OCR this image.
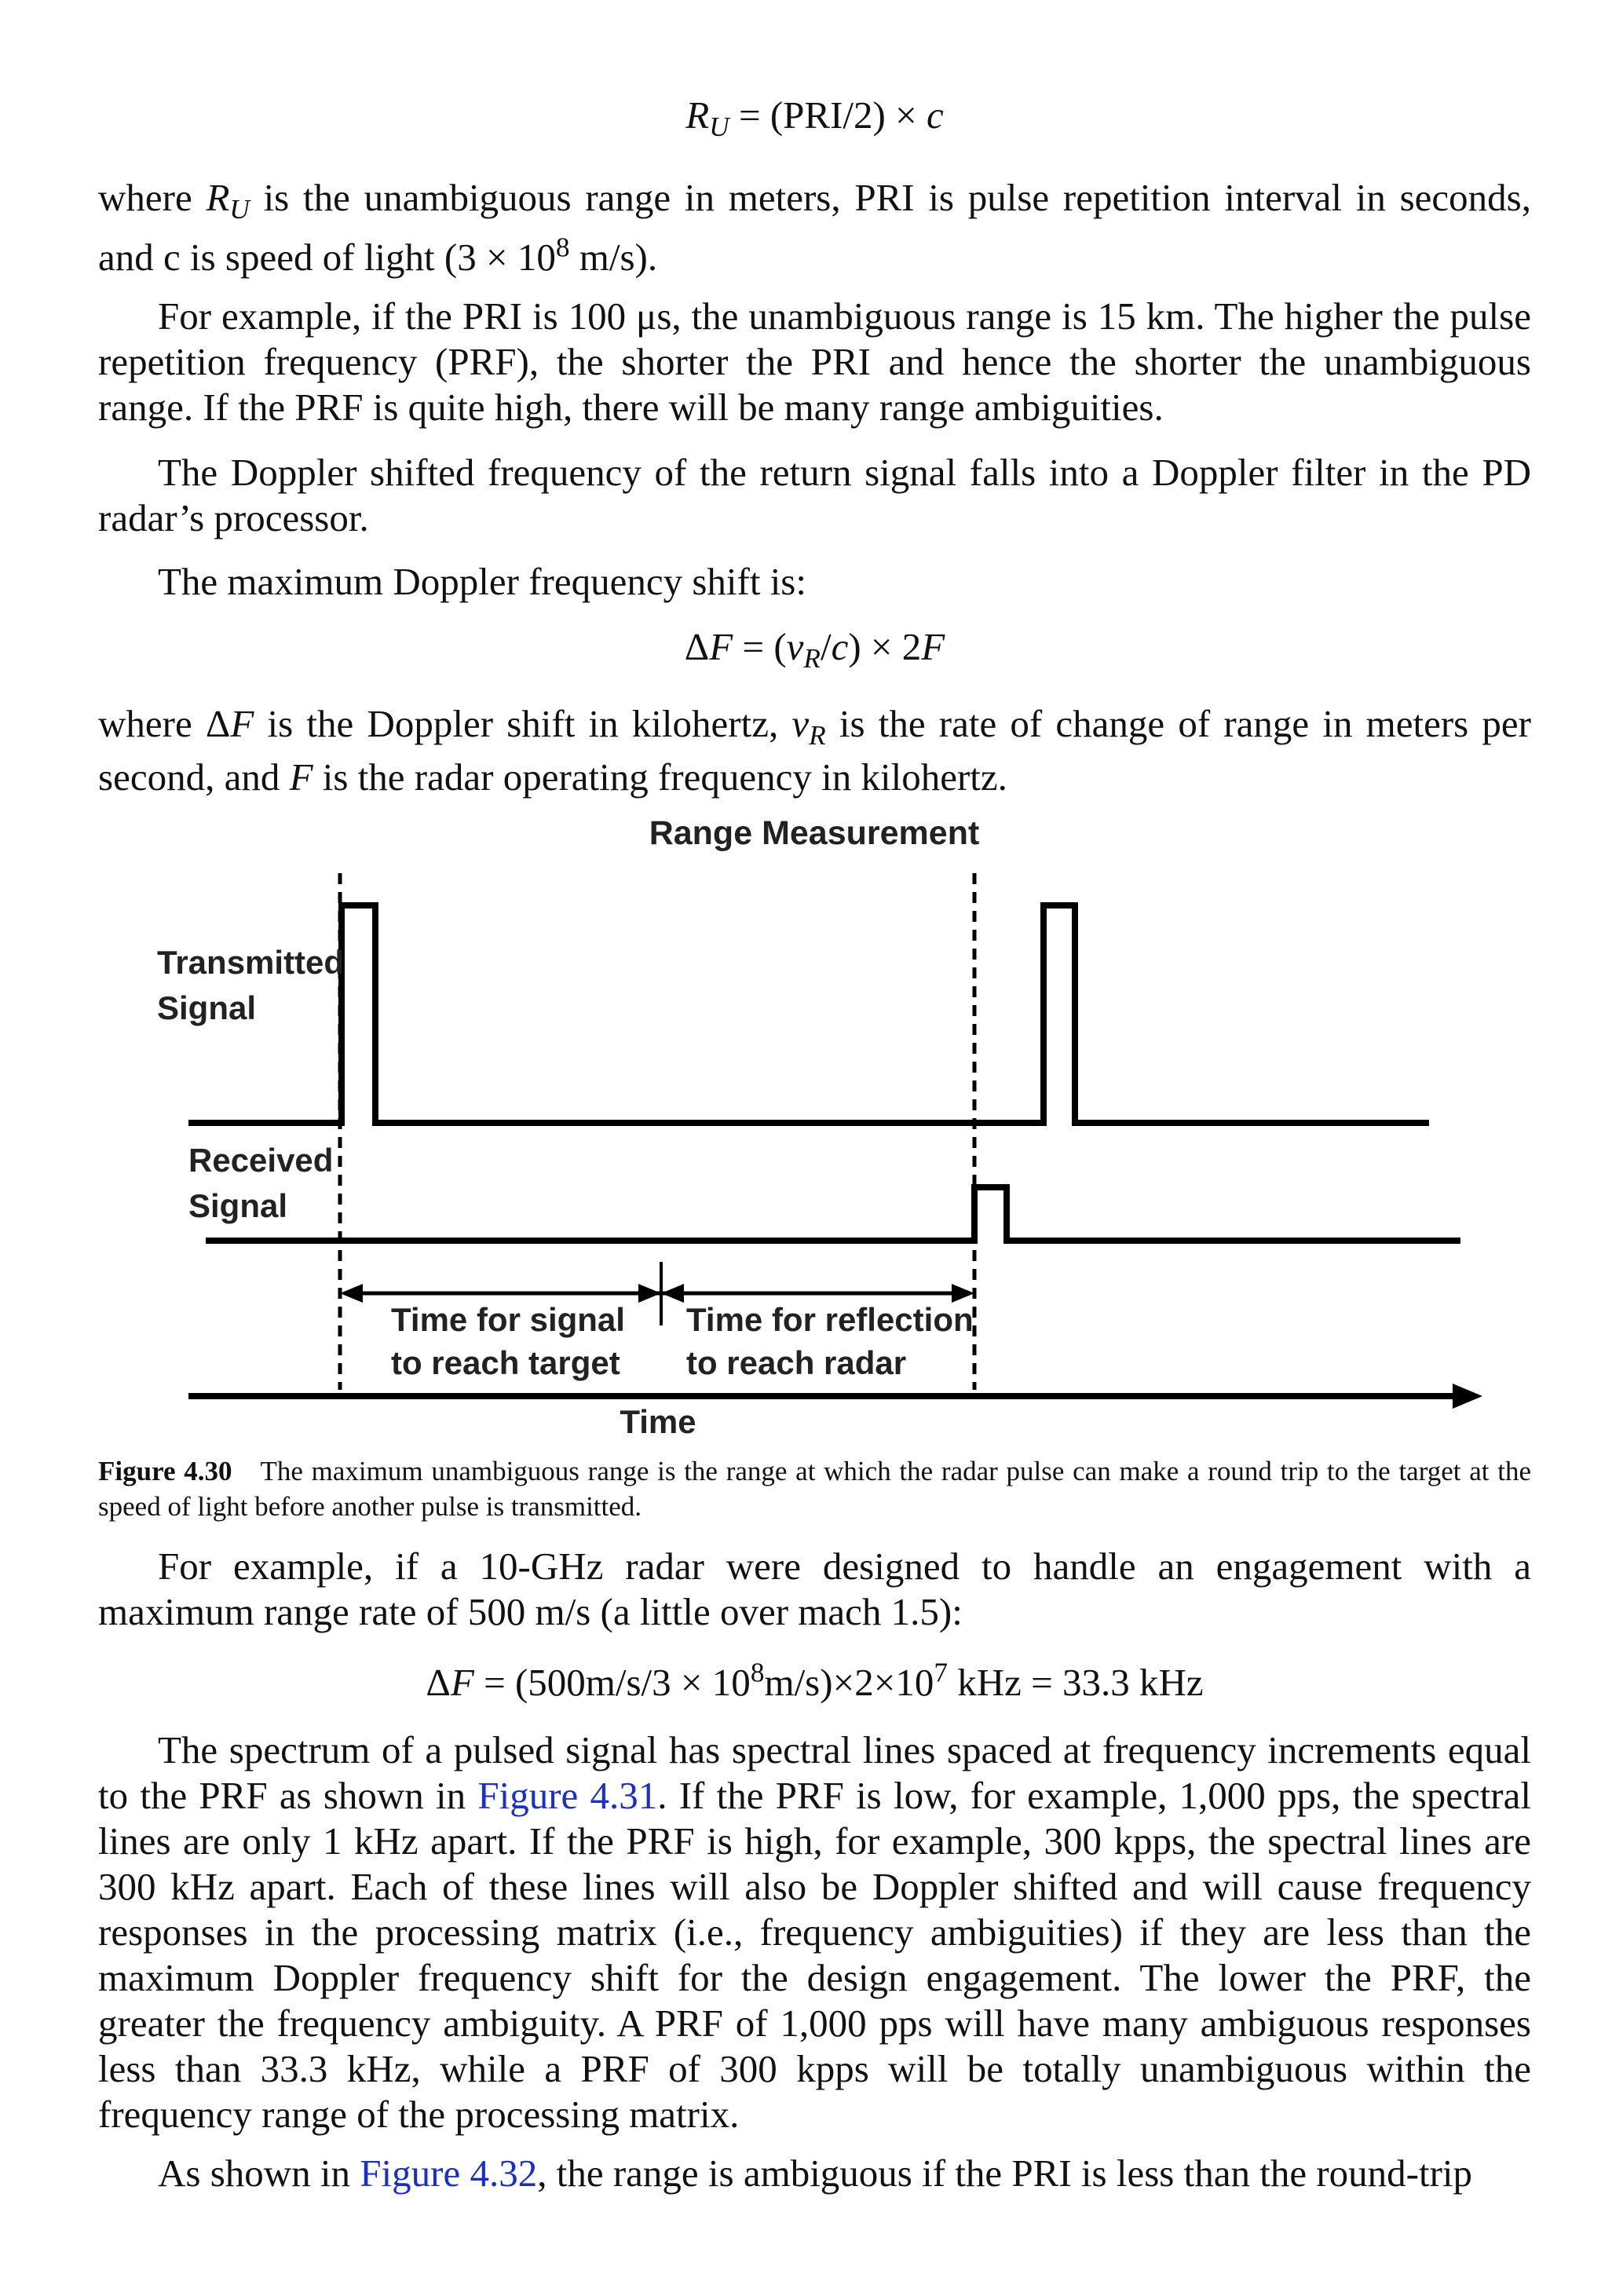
$R_U = (PRI/2) \times c$

where $R_U$ is the unambiguous range in meters, PRI is pulse repetition interval in seconds, and c is speed of light ($3 \times 10^8$ m/s).

For example, if the PRI is 100 μs, the unambiguous range is 15 km. The higher the pulse repetition frequency (PRF), the shorter the PRI and hence the shorter the unambiguous range. If the PRF is quite high, there will be many range ambiguities.

The Doppler shifted frequency of the return signal falls into a Doppler filter in the PD radar’s processor.

The maximum Doppler frequency shift is:

$\Delta F = (v_R/c) \times 2F$

where ΔF is the Doppler shift in kilohertz, $v_R$ is the rate of change of range in meters per second, and F is the radar operating frequency in kilohertz.

Range Measurement
Transmitted Signal
Received Signal
Time for signal to reach target
Time for reflection to reach radar
Time

Figure 4.30 The maximum unambiguous range is the range at which the radar pulse can make a round trip to the target at the speed of light before another pulse is transmitted.

For example, if a 10-GHz radar were designed to handle an engagement with a maximum range rate of 500 m/s (a little over mach 1.5):

$\Delta F = (500m/s/3 \times 10^8m/s)\times 2\times 10^7$ kHz = 33.3 kHz

The spectrum of a pulsed signal has spectral lines spaced at frequency increments equal to the PRF as shown in Figure 4.31. If the PRF is low, for example, 1,000 pps, the spectral lines are only 1 kHz apart. If the PRF is high, for example, 300 kpps, the spectral lines are 300 kHz apart. Each of these lines will also be Doppler shifted and will cause frequency responses in the processing matrix (i.e., frequency ambiguities) if they are less than the maximum Doppler frequency shift for the design engagement. The lower the PRF, the greater the frequency ambiguity. A PRF of 1,000 pps will have many ambiguous responses less than 33.3 kHz, while a PRF of 300 kpps will be totally unambiguous within the frequency range of the processing matrix.

As shown in Figure 4.32, the range is ambiguous if the PRI is less than the round-trip
